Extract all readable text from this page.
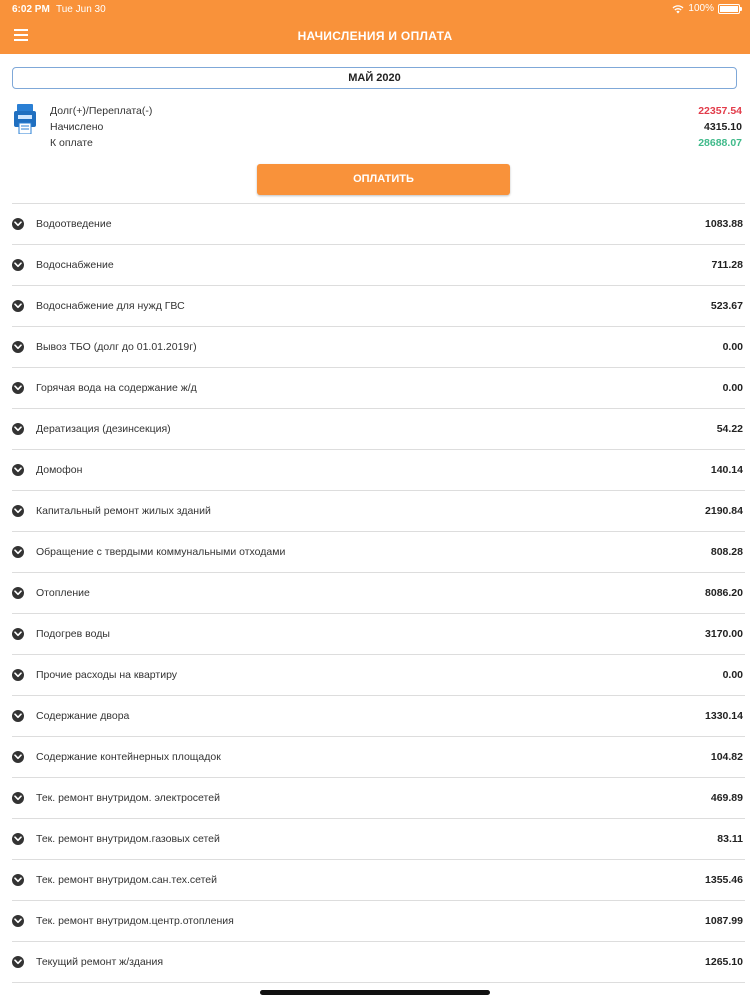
6:02 PM Tue Jun 30	100%
НАЧИСЛЕНИЯ И ОПЛАТА
МАЙ 2020
Долг(+)/Переплата(-)	22357.54
Начислено	4315.10
К оплате	28688.07
ОПЛАТИТЬ
Водоотведение	1083.88
Водоснабжение	711.28
Водоснабжение для нужд ГВС	523.67
Вывоз ТБО (долг до 01.01.2019г)	0.00
Горячая вода на содержание ж/д	0.00
Дератизация (дезинсекция)	54.22
Домофон	140.14
Капитальный ремонт жилых зданий	2190.84
Обращение с твердыми коммунальными отходами	808.28
Отопление	8086.20
Подогрев воды	3170.00
Прочие расходы на квартиру	0.00
Содержание двора	1330.14
Содержание контейнерных площадок	104.82
Тек. ремонт внутридом. электросетей	469.89
Тек. ремонт внутридом.газовых сетей	83.11
Тек. ремонт внутридом.сан.тех.сетей	1355.46
Тек. ремонт внутридом.центр.отопления	1087.99
Текущий ремонт ж/здания	1265.10
